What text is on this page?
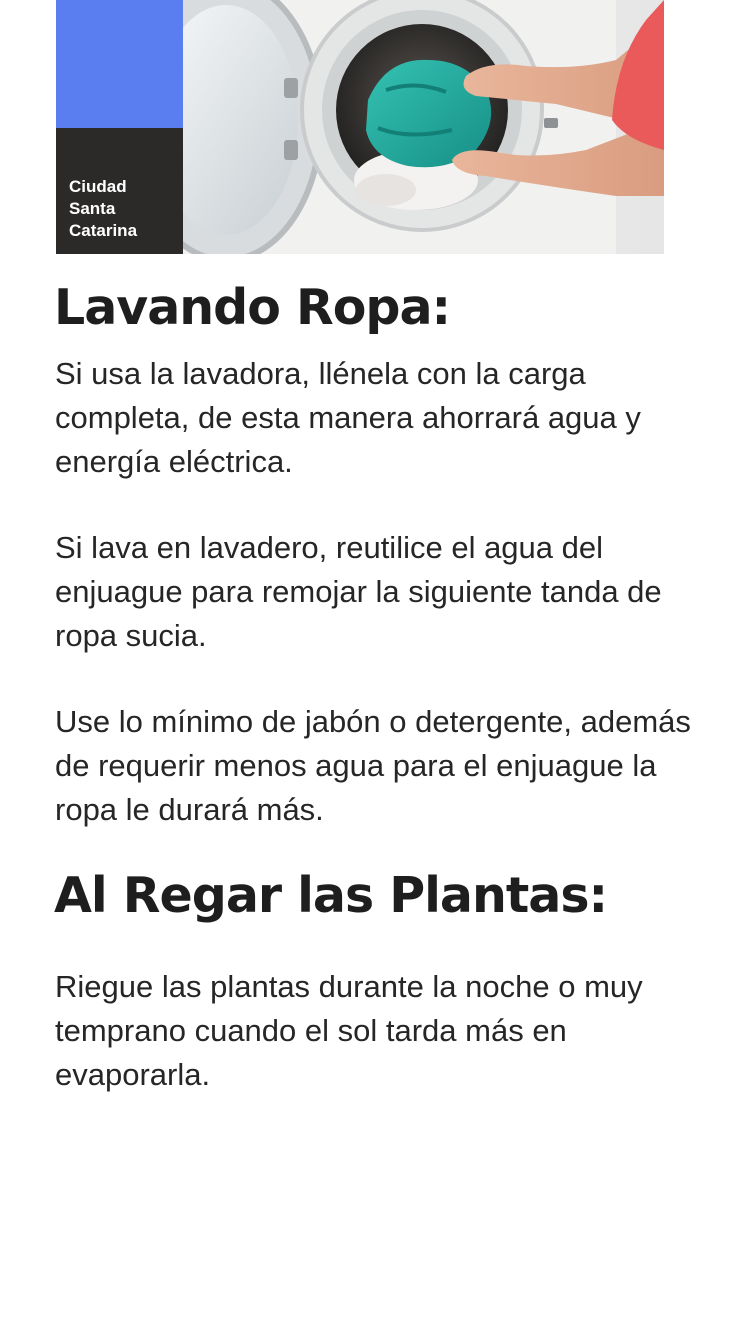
Ciudad
Santa
Catarina
Lavando Ropa:

Si usa la lavadora, llénela con la carga completa, de esta manera ahorrará agua y energía eléctrica.

Si lava en lavadero, reutilice el agua del enjuague para remojar la siguiente tanda de ropa sucia.

Use lo mínimo de jabón o detergente, además de requerir menos agua para el enjuague la ropa le durará más.

Al Regar las Plantas:

Riegue las plantas durante la noche o muy temprano cuando el sol tarda más en evaporarla.
